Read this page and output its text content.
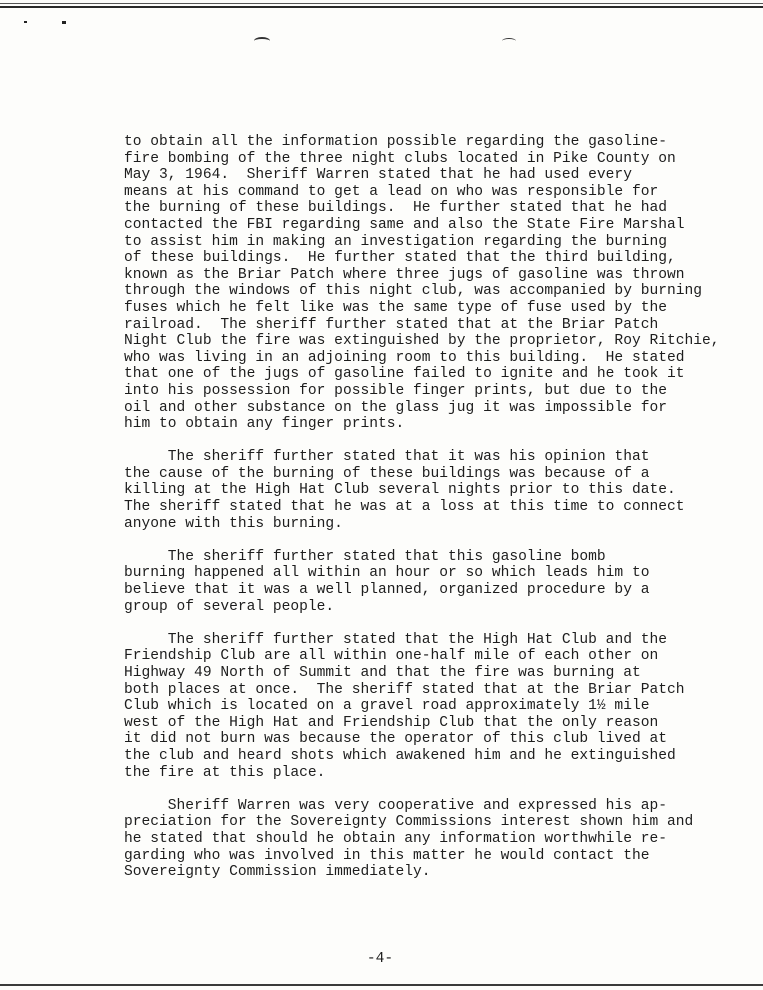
to obtain all the information possible regarding the gasoline-
fire bombing of the three night clubs located in Pike County on
May 3, 1964.  Sheriff Warren stated that he had used every
means at his command to get a lead on who was responsible for
the burning of these buildings.  He further stated that he had
contacted the FBI regarding same and also the State Fire Marshal
to assist him in making an investigation regarding the burning
of these buildings.  He further stated that the third building,
known as the Briar Patch where three jugs of gasoline was thrown
through the windows of this night club, was accompanied by burning
fuses which he felt like was the same type of fuse used by the
railroad.  The sheriff further stated that at the Briar Patch
Night Club the fire was extinguished by the proprietor, Roy Ritchie,
who was living in an adjoining room to this building.  He stated
that one of the jugs of gasoline failed to ignite and he took it
into his possession for possible finger prints, but due to the
oil and other substance on the glass jug it was impossible for
him to obtain any finger prints.

The sheriff further stated that it was his opinion that
the cause of the burning of these buildings was because of a
killing at the High Hat Club several nights prior to this date.
The sheriff stated that he was at a loss at this time to connect
anyone with this burning.

The sheriff further stated that this gasoline bomb
burning happened all within an hour or so which leads him to
believe that it was a well planned, organized procedure by a
group of several people.

The sheriff further stated that the High Hat Club and the
Friendship Club are all within one-half mile of each other on
Highway 49 North of Summit and that the fire was burning at
both places at once.  The sheriff stated that at the Briar Patch
Club which is located on a gravel road approximately 1½ mile
west of the High Hat and Friendship Club that the only reason
it did not burn was because the operator of this club lived at
the club and heard shots which awakened him and he extinguished
the fire at this place.

Sheriff Warren was very cooperative and expressed his ap-
preciation for the Sovereignty Commissions interest shown him and
he stated that should he obtain any information worthwhile re-
garding who was involved in this matter he would contact the
Sovereignty Commission immediately.

-4-
